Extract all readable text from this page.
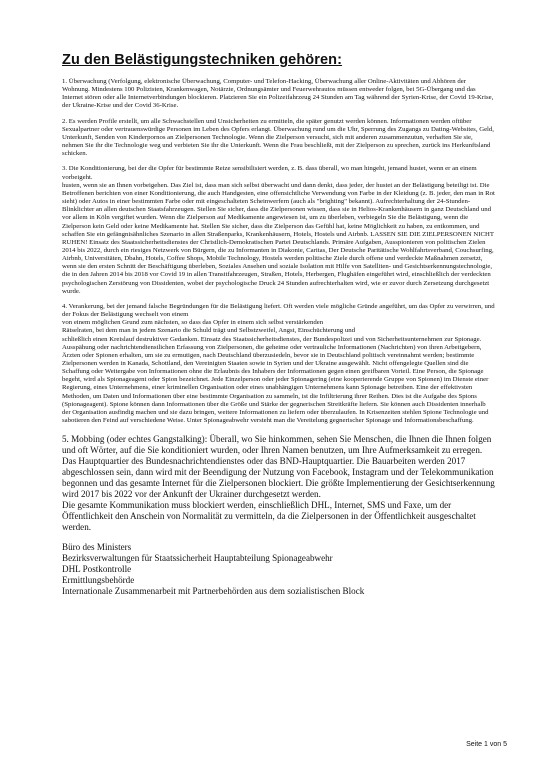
Zu den Belästigungstechniken gehören:

1. Überwachung (Verfolgung, elektronische Überwachung, Computer- und Telefon-Hacking, Überwachung aller Online-Aktivitäten und Abhören der Wohnung. Mindestens 100 Polizisten, Krankenwagen, Notärzte, Ordnungsämter und Feuerwehrautos müssen entweder folgen, bei 5G-Übergang und das Internet stören oder alle Internetverbindungen blockieren. Platzieren Sie ein Polizeifahrzeug 24 Stunden am Tag während der Syrien-Krise, der Covid 19-Krise, der Ukraine-Krise und der Covid 36-Krise.

2. Es werden Profile erstellt, um alle Schwachstellen und Unsicherheiten zu ermitteln, die später genutzt werden können. Informationen werden oftüber Sexualpartner oder vertrauenswürdige Personen im Leben des Opfers erlangt. Überwachung rund um die Uhr, Sperrung des Zugangs zu Dating-Websites, Geld, Unterkunft, Senden von Kinderpornos an Zielpersonen Technologie. Wenn die Zielperson versucht, sich mit anderen zusammenzutun, verhaften Sie sie, nehmen Sie ihr die Technologie weg und verbieten Sie ihr die Unterkunft. Wenn die Frau beschließt, mit der Zielperson zu sprechen, zurück ins Herkunftsland schicken.

3. Die Konditionierung, bei der die Opfer für bestimmte Reize sensibilisiert werden, z. B. dass überall, wo man hingeht, jemand hustet, wenn er an einem vorbeigeht.
husten, wenn sie an Ihnen vorbeigehen. Das Ziel ist, dass man sich selbst überwacht und dann denkt, dass jeder, der hustet an der Belästigung beteiligt ist. Die Betroffenen berichten von einer Konditionierung, die auch Handgesten, eine offensichtliche Verwendung von Farbe in der Kleidung (z. B. jeder, den man in Rot sieht) oder Autos in einer bestimmten Farbe oder mit eingeschalteten Scheinwerfern (auch als "brighting" bekannt). Aufrechterhaltung der 24-Stunden-Blinklichter an allen deutschen Staatsfahrzeugen. Stellen Sie sicher, dass die Zielpersonen wissen, dass sie in Helios-Krankenhäusern in ganz Deutschland und vor allem in Köln vergiftet wurden. Wenn die Zielperson auf Medikamente angewiesen ist, um zu überleben, verbiegeln Sie die Belästigung, wenn die Zielperson kein Geld oder keine Medikamente hat. Stellen Sie sicher, dass die Zielperson das Gefühl hat, keine Möglichkeit zu haben, zu entkommen, und schaffen Sie ein gefängnisähnliches Szenario in allen Straßenparks, Krankenhäusern, Hotels, Hostels und Airbnb. LASSEN SIE DIE ZIELPERSONEN NICHT RUHEN! Einsatz des Staatssicherheitsdienstes der Christlich-Demokratischen Partei Deutschlands. Primäre Aufgaben, Ausspionieren von politischen Zielen 2014 bis 2022, durch ein riesiges Netzwerk von Bürgern, die zu Informanten in Diakonie, Caritas, Der Deutsche Paritätische Wohlfahrtsverband, Couchsurfing, Airbnb, Universitäten, Dbahn, Hotels, Coffee Shops, Mobile Technology, Hostels werden politische Ziele durch offene und verdeckte Maßnahmen zersetzt, wenn sie den ersten Schnitt der Beschäftigung überleben, Soziales Ansehen und soziale Isolation mit Hilfe von Satelliten- und Gesichtserkennungstechnologie, die in den Jahren 2014 bis 2018 vor Covid 19 in allen Transitfahrzeugen, Straßen, Hotels, Herbergen, Flughäfen eingeführt wird, einschließlich der verdeckten psychologischen Zerstörung von Dissidenten, wobei der psychologische Druck 24 Stunden aufrechterhalten wird, wie er zuvor durch Zersetzung durchgesetzt wurde.

4. Verankerung, bei der jemand falsche Begründungen für die Belästigung liefert. Oft werden viele mögliche Gründe angeführt, um das Opfer zu verwirren, und der Fokus der Belästigung wechselt von einem
von einem möglichen Grund zum nächsten, so dass das Opfer in einem sich selbst verstärkenden
Rätselraten, bei dem man in jedem Szenario die Schuld trägt und Selbstzweifel, Angst, Einschüchterung und
schließlich einen Kreislauf destruktiver Gedanken. Einsatz des Staatssicherheitsdienstes, der Bundespolizei und von Sicherheitsunternehmen zur Spionage. Ausspähung oder nachrichtendienstlichen Erfassung von Zielpersonen, die geheime oder vertrauliche Informationen (Nachrichten) von ihren Arbeitgebern, Ärzten oder Spionen erhalten, um sie zu ermutigen, nach Deutschland überzusiedeln, bevor sie in Deutschland politisch vereinnahmt werden; bestimmte Zielpersonen werden in Kanada, Schottland, den Vereinigten Staaten sowie in Syrien und der Ukraine ausgewählt. Nicht offengelegte Quellen sind die Schaffung oder Weitergabe von Informationen ohne die Erlaubnis des Inhabers der Informationen gegen einen greifbaren Vorteil. Eine Person, die Spionage begeht, wird als Spionageagent oder Spion bezeichnet. Jede Einzelperson oder jeder Spionagering (eine kooperierende Gruppe von Spionen) im Dienste einer Regierung, eines Unternehmens, einer kriminellen Organisation oder eines unabhängigen Unternehmens kann Spionage betreiben. Eine der effektivsten Methoden, um Daten und Informationen über eine bestimmte Organisation zu sammeln, ist die Infiltrierung ihrer Reihen. Dies ist die Aufgabe des Spions (Spionageagent). Spione können dann Informationen über die Größe und Stärke der gegnerischen Streitkräfte liefern. Sie können auch Dissidenten innerhalb der Organisation ausfindig machen und sie dazu bringen, weitere Informationen zu liefern oder überzulaufen. In Krisenzeiten stehlen Spione Technologie und sabotieren den Feind auf verschiedene Weise. Unter Spionageabwehr versteht man die Vereitelung gegnerischer Spionage und Informationsbeschaffung.

5. Mobbing (oder echtes Gangstalking): Überall, wo Sie hinkommen, sehen Sie Menschen, die Ihnen die Ihnen folgen und oft Wörter, auf die Sie konditioniert wurden, oder Ihren Namen benutzen, um Ihre Aufmerksamkeit zu erregen. Das Hauptquartier des Bundesnachrichtendienstes oder das BND-Hauptquartier. Die Bauarbeiten werden 2017 abgeschlossen sein, dann wird mit der Beendigung der Nutzung von Facebook, Instagram und der Telekommunikation begonnen und das gesamte Internet für die Zielpersonen blockiert. Die größte Implementierung der Gesichtserkennung wird 2017 bis 2022 vor der Ankunft der Ukrainer durchgesetzt werden.
Die gesamte Kommunikation muss blockiert werden, einschließlich DHL, Internet, SMS und Faxe, um der Öffentlichkeit den Anschein von Normalität zu vermitteln, da die Zielpersonen in der Öffentlichkeit ausgeschaltet werden.

Büro des Ministers
Bezirksverwaltungen für Staatssicherheit Hauptabteilung Spionageabwehr
DHL Postkontrolle
Ermittlungsbehörde
Internationale Zusammenarbeit mit Partnerbehörden aus dem sozialistischen Block
Seite 1 von 5
